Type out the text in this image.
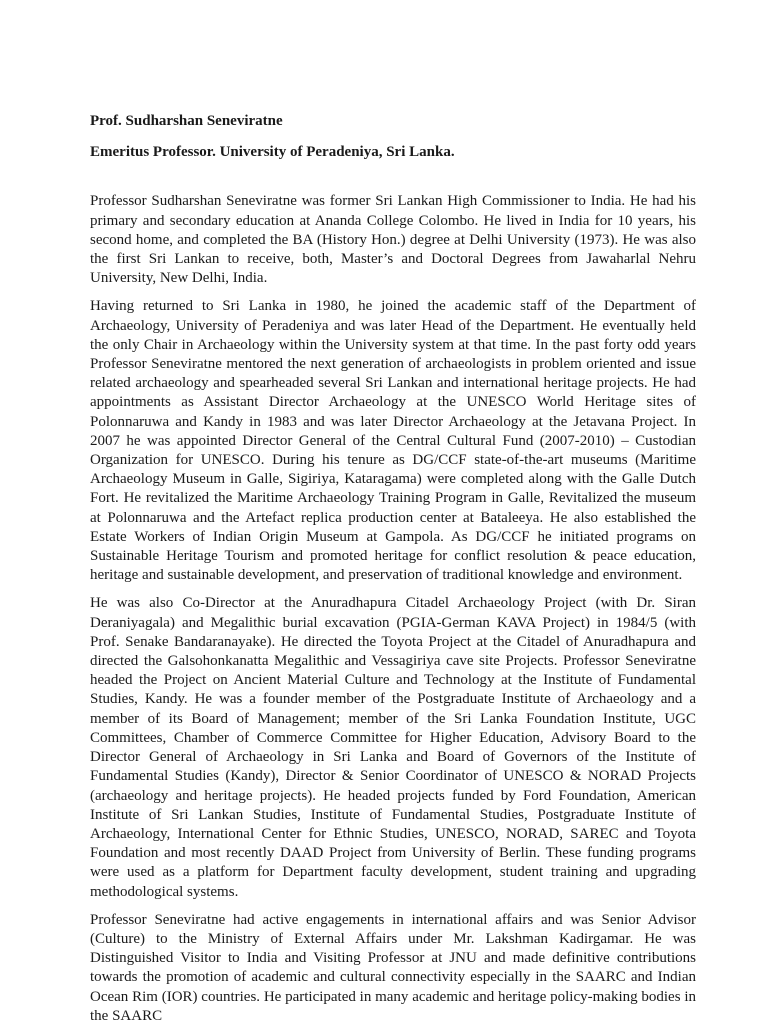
Prof. Sudharshan Seneviratne

Emeritus Professor. University of Peradeniya, Sri Lanka.

Professor Sudharshan Seneviratne was former Sri Lankan High Commissioner to India. He had his primary and secondary education at Ananda College Colombo. He lived in India for 10 years, his second home, and completed the BA (History Hon.) degree at Delhi University (1973). He was also the first Sri Lankan to receive, both, Master’s and Doctoral Degrees from Jawaharlal Nehru University, New Delhi, India.

Having returned to Sri Lanka in 1980, he joined the academic staff of the Department of Archaeology, University of Peradeniya and was later Head of the Department. He eventually held the only Chair in Archaeology within the University system at that time. In the past forty odd years Professor Seneviratne mentored the next generation of archaeologists in problem oriented and issue related archaeology and spearheaded several Sri Lankan and international heritage projects. He had appointments as Assistant Director Archaeology at the UNESCO World Heritage sites of Polonnaruwa and Kandy in 1983 and was later Director Archaeology at the Jetavana Project. In 2007 he was appointed Director General of the Central Cultural Fund (2007-2010) – Custodian Organization for UNESCO. During his tenure as DG/CCF state-of-the-art museums (Maritime Archaeology Museum in Galle, Sigiriya, Kataragama) were completed along with the Galle Dutch Fort. He revitalized the Maritime Archaeology Training Program in Galle, Revitalized the museum at Polonnaruwa and the Artefact replica production center at Bataleeya. He also established the Estate Workers of Indian Origin Museum at Gampola. As DG/CCF he initiated programs on Sustainable Heritage Tourism and promoted heritage for conflict resolution & peace education, heritage and sustainable development, and preservation of traditional knowledge and environment.

He was also Co-Director at the Anuradhapura Citadel Archaeology Project (with Dr. Siran Deraniyagala) and Megalithic burial excavation (PGIA-German KAVA Project) in 1984/5 (with Prof. Senake Bandaranayake). He directed the Toyota Project at the Citadel of Anuradhapura and directed the Galsohonkanatta Megalithic and Vessagiriya cave site Projects. Professor Seneviratne headed the Project on Ancient Material Culture and Technology at the Institute of Fundamental Studies, Kandy. He was a founder member of the Postgraduate Institute of Archaeology and a member of its Board of Management; member of the Sri Lanka Foundation Institute, UGC Committees, Chamber of Commerce Committee for Higher Education, Advisory Board to the Director General of Archaeology in Sri Lanka and Board of Governors of the Institute of Fundamental Studies (Kandy), Director & Senior Coordinator of UNESCO & NORAD Projects (archaeology and heritage projects). He headed projects funded by Ford Foundation, American Institute of Sri Lankan Studies, Institute of Fundamental Studies, Postgraduate Institute of Archaeology, International Center for Ethnic Studies, UNESCO, NORAD, SAREC and Toyota Foundation and most recently DAAD Project from University of Berlin. These funding programs were used as a platform for Department faculty development, student training and upgrading methodological systems.

Professor Seneviratne had active engagements in international affairs and was Senior Advisor (Culture) to the Ministry of External Affairs under Mr. Lakshman Kadirgamar. He was Distinguished Visitor to India and Visiting Professor at JNU and made definitive contributions towards the promotion of academic and cultural connectivity especially in the SAARC and Indian Ocean Rim (IOR) countries. He participated in many academic and heritage policy-making bodies in the SAARC
